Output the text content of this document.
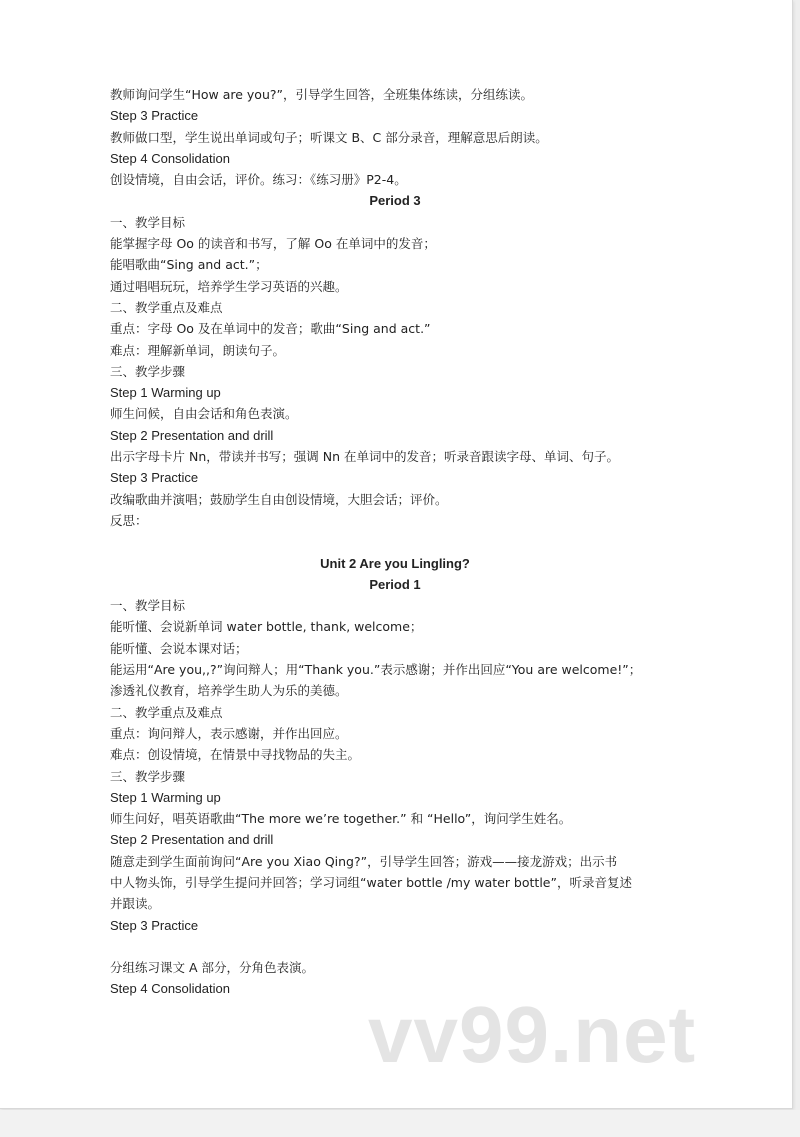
教师询问学生“How are you?”，引导学生回答，全班集体练读，分组练读。
Step 3 Practice
教师做口型，学生说出单词或句子；听课文 B、C 部分录音，理解意思后朗读。
Step 4 Consolidation
创设情境，自由会话，评价。练习：《练习册》P2-4。
Period 3
一、教学目标
能掌握字母 Oo 的读音和书写，了解 Oo 在单词中的发音；
能唱歌曲“Sing and act.”；
通过唱唱玩玩，培养学生学习英语的兴趣。
二、教学重点及难点
重点：字母 Oo 及在单词中的发音；歌曲“Sing and act.”
难点：理解新单词，朗读句子。
三、教学步骤
Step 1 Warming up
师生问候，自由会话和角色表演。
Step 2 Presentation and drill
出示字母卡片 Nn，带读并书写；强调 Nn 在单词中的发音；听录音跟读字母、单词、句子。
Step 3 Practice
改编歌曲并演唱；鼓励学生自由创设情境，大胆会话；评价。
反思：
Unit 2 Are you Lingling?
Period 1
一、教学目标
能听懂、会说新单词 water bottle, thank, welcome；
能听懂、会说本课对话；
能运用“Are you,,?”询问辩人；用“Thank you.”表示感谢；并作出回应“You are welcome!”；
渗透礼仪教育，培养学生助人为乐的美德。
二、教学重点及难点
重点：询问辩人，表示感谢，并作出回应。
难点：创设情境，在情景中寻找物品的失主。
三、教学步骤
Step 1 Warming up
师生问好，唱英语歌曲“The more we’re together.” 和 “Hello”，询问学生姓名。
Step 2 Presentation and drill
随意走到学生面前询问“Are you Xiao Qing?”，引导学生回答；游戏——接龙游戏；出示书
中人物头饰，引导学生提问并回答；学习词组“water bottle /my water bottle”，听录音复述
并跟读。
Step 3 Practice
分组练习课文 A 部分，分角色表演。
Step 4 Consolidation
vv99.net
